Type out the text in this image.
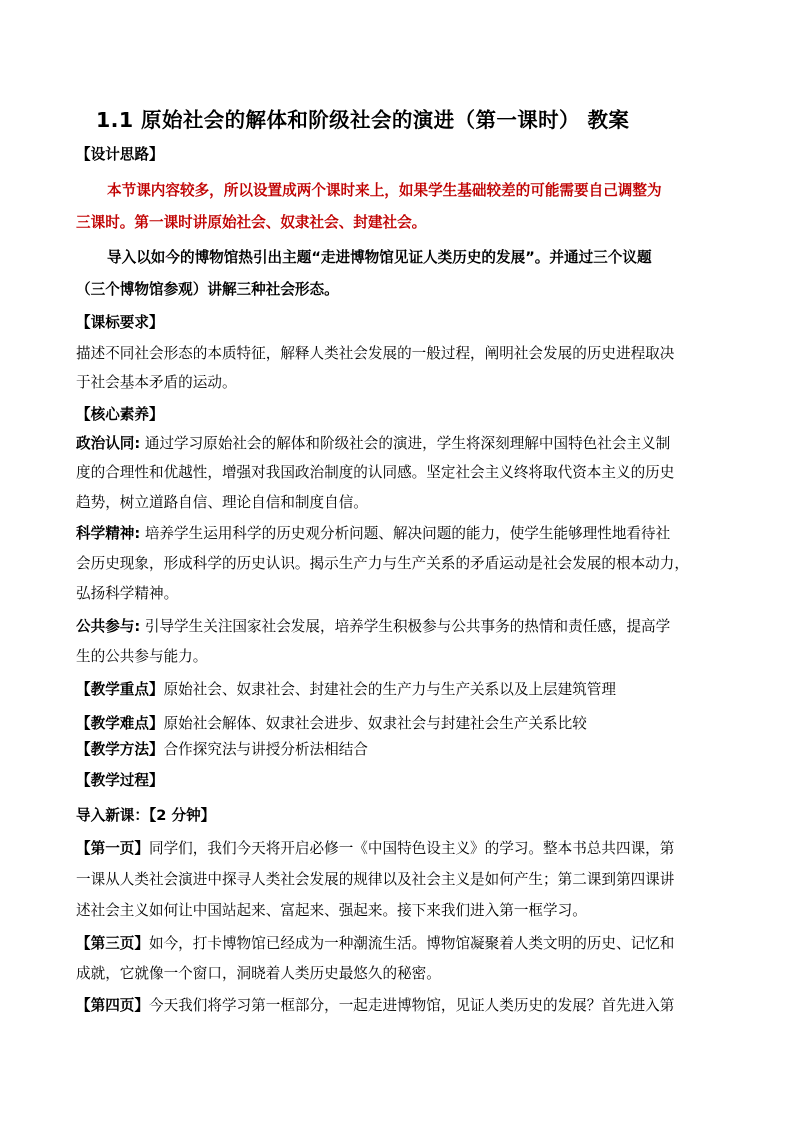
1.1 原始社会的解体和阶级社会的演进（第一课时） 教案
【设计思路】
本节课内容较多，所以设置成两个课时来上，如果学生基础较差的可能需要自己调整为
三课时。第一课时讲原始社会、奴隶社会、封建社会。
导入以如今的博物馆热引出主题“走进博物馆见证人类历史的发展”。并通过三个议题
（三个博物馆参观）讲解三种社会形态。
【课标要求】
描述不同社会形态的本质特征，解释人类社会发展的一般过程，阐明社会发展的历史进程取决
于社会基本矛盾的运动。
【核心素养】
政治认同: 通过学习原始社会的解体和阶级社会的演进，学生将深刻理解中国特色社会主义制
度的合理性和优越性，增强对我国政治制度的认同感。坚定社会主义终将取代资本主义的历史
趋势，树立道路自信、理论自信和制度自信。
科学精神: 培养学生运用科学的历史观分析问题、解决问题的能力，使学生能够理性地看待社
会历史现象，形成科学的历史认识。揭示生产力与生产关系的矛盾运动是社会发展的根本动力，
弘扬科学精神。
公共参与: 引导学生关注国家社会发展，培养学生积极参与公共事务的热情和责任感，提高学
生的公共参与能力。
【教学重点】原始社会、奴隶社会、封建社会的生产力与生产关系以及上层建筑管理
【教学难点】原始社会解体、奴隶社会进步、奴隶社会与封建社会生产关系比较
【教学方法】合作探究法与讲授分析法相结合
【教学过程】
导入新课：【2 分钟】
【第一页】同学们，我们今天将开启必修一《中国特色设主义》的学习。整本书总共四课，第
一课从人类社会演进中探寻人类社会发展的规律以及社会主义是如何产生；第二课到第四课讲
述社会主义如何让中国站起来、富起来、强起来。接下来我们进入第一框学习。
【第三页】如今，打卡博物馆已经成为一种潮流生活。博物馆凝聚着人类文明的历史、记忆和
成就，它就像一个窗口，洞晓着人类历史最悠久的秘密。
【第四页】今天我们将学习第一框部分，一起走进博物馆，见证人类历史的发展？首先进入第
